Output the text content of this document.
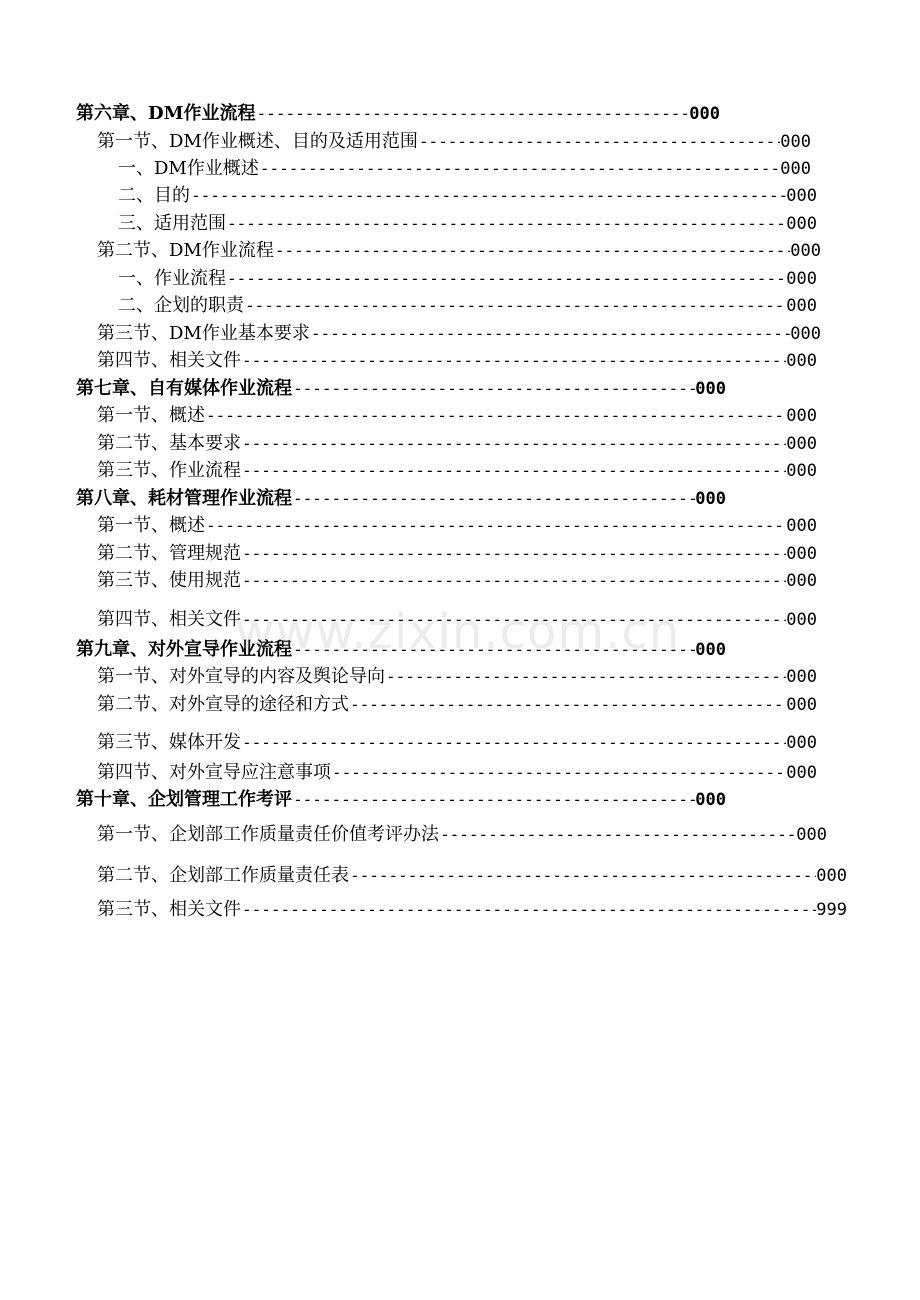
第六章、DM作业流程 -----	000
第一节、DM作业概述、目的及适用范围 -----	000
一、DM作业概述 -----	000
二、目的 -----	000
三、适用范围 -----	000
第二节、DM作业流程 -----	000
一、作业流程 -----	000
二、企划的职责 -----	000
第三节、DM作业基本要求 -----	000
第四节、相关文件 -----	000
第七章、自有媒体作业流程 -----	000
第一节、概述 -----	000
第二节、基本要求 -----	000
第三节、作业流程 -----	000
第八章、耗材管理作业流程 -----	000
第一节、概述 -----	000
第二节、管理规范 -----	000
第三节、使用规范 -----	000
第四节、相关文件 -----	000
第九章、对外宣导作业流程 -----	000
第一节、对外宣导的内容及舆论导向 -----	000
第二节、对外宣导的途径和方式 -----	000
第三节、媒体开发 -----	000
第四节、对外宣导应注意事项 -----	000
第十章、企划管理工作考评 -----	000
第一节、企划部工作质量责任价值考评办法 -----	000
第二节、企划部工作质量责任表 -----	000
第三节、相关文件 -----	999
www.zixin.com.cn
